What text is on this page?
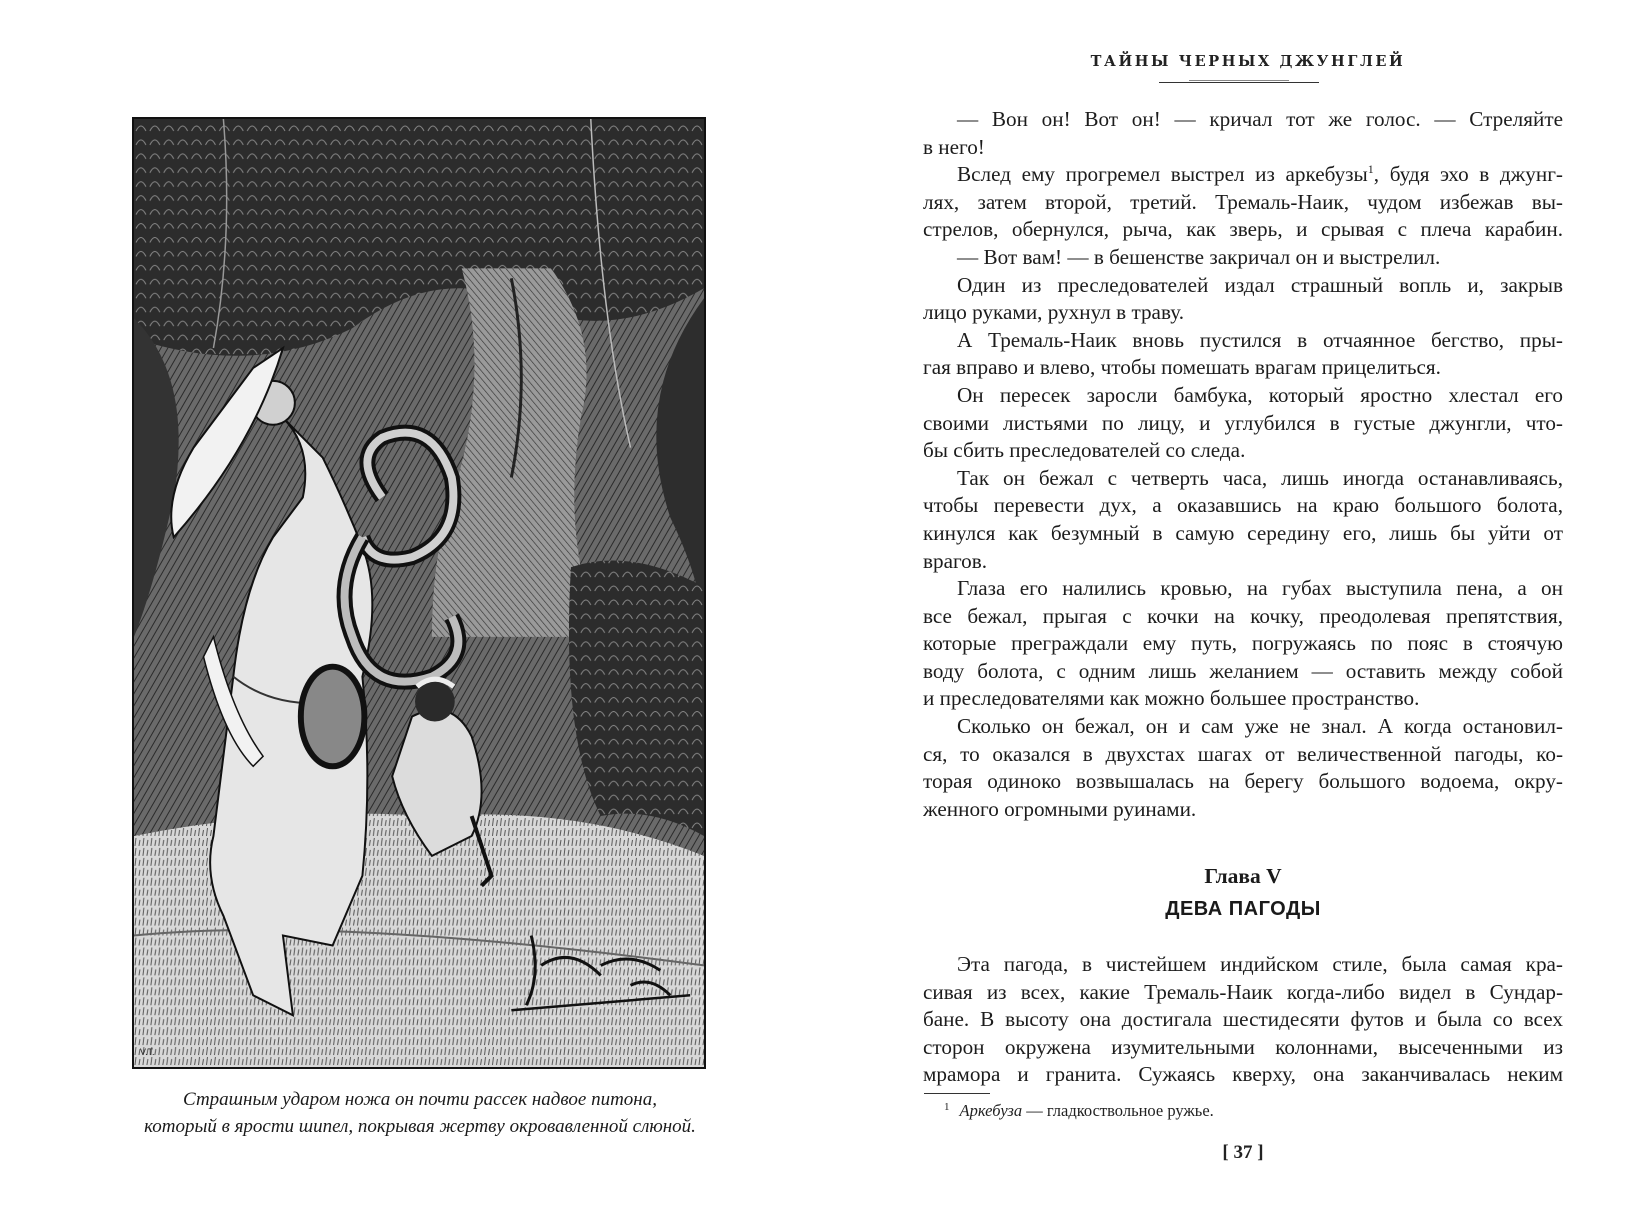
V.T.
Страшным ударом ножа он почти рассек надвое питона,
который в ярости шипел, покрывая жертву окровавленной слюной.
ТАЙНЫ ЧЕРНЫХ ДЖУНГЛЕЙ
— Вон он! Вот он! — кричал тот же голос. — Стреляйте
в него!
Вслед ему прогремел выстрел из аркебузы$^1$, будя эхо в джунг-
лях, затем второй, третий. Тремаль-Наик, чудом избежав вы-
стрелов, обернулся, рыча, как зверь, и срывая с плеча карабин.
— Вот вам! — в бешенстве закричал он и выстрелил.
Один из преследователей издал страшный вопль и, закрыв
лицо руками, рухнул в траву.
А Тремаль-Наик вновь пустился в отчаянное бегство, пры-
гая вправо и влево, чтобы помешать врагам прицелиться.
Он пересек заросли бамбука, который яростно хлестал его
своими листьями по лицу, и углубился в густые джунгли, что-
бы сбить преследователей со следа.
Так он бежал с четверть часа, лишь иногда останавливаясь,
чтобы перевести дух, а оказавшись на краю большого болота,
кинулся как безумный в самую середину его, лишь бы уйти от
врагов.
Глаза его налились кровью, на губах выступила пена, а он
все бежал, прыгая с кочки на кочку, преодолевая препятствия,
которые преграждали ему путь, погружаясь по пояс в стоячую
воду болота, с одним лишь желанием — оставить между собой
и преследователями как можно большее пространство.
Сколько он бежал, он и сам уже не знал. А когда остановил-
ся, то оказался в двухстах шагах от величественной пагоды, ко-
торая одиноко возвышалась на берегу большого водоема, окру-
женного огромными руинами.
Глава V
ДЕВА ПАГОДЫ
Эта пагода, в чистейшем индийском стиле, была самая кра-
сивая из всех, какие Тремаль-Наик когда-либо видел в Сундар-
бане. В высоту она достигала шестидесяти футов и была со всех
сторон окружена изумительными колоннами, высеченными из
мрамора и гранита. Сужаясь кверху, она заканчивалась неким
$^1$ Аркебуза — гладкоствольное ружье.
[ 37 ]
